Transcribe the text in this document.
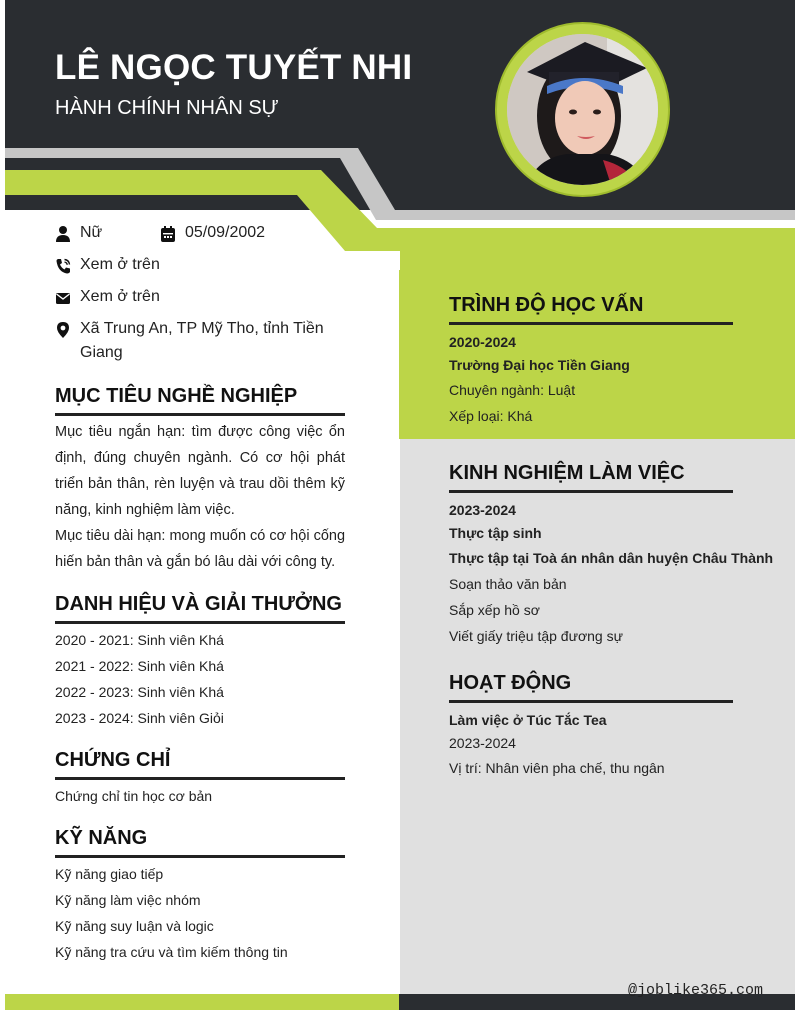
LÊ NGỌC TUYẾT NHI
HÀNH CHÍNH NHÂN SỰ
Nữ	05/09/2002
Xem ở trên
Xem ở trên
Xã Trung An, TP Mỹ Tho, tỉnh Tiền Giang
MỤC TIÊU NGHỀ NGHIỆP
Mục tiêu ngắn hạn: tìm được công việc ổn định, đúng chuyên ngành. Có cơ hội phát triển bản thân, rèn luyện và trau dồi thêm kỹ năng, kinh nghiệm làm việc.
Mục tiêu dài hạn: mong muốn có cơ hội cống hiến bản thân và gắn bó lâu dài với công ty.
DANH HIỆU VÀ GIẢI THƯỞNG
2020 - 2021: Sinh viên Khá
2021 - 2022: Sinh viên Khá
2022 - 2023: Sinh viên Khá
2023 - 2024: Sinh viên Giỏi
CHỨNG CHỈ
Chứng chỉ tin học cơ bản
KỸ NĂNG
Kỹ năng giao tiếp
Kỹ năng làm việc nhóm
Kỹ năng suy luận và logic
Kỹ năng tra cứu và tìm kiếm thông tin
TRÌNH ĐỘ HỌC VẤN
2020-2024
Trường Đại học Tiền Giang
Chuyên ngành: Luật
Xếp loại: Khá
KINH NGHIỆM LÀM VIỆC
2023-2024
Thực tập sinh
Thực tập tại Toà án nhân dân huyện Châu Thành
Soạn thảo văn bản
Sắp xếp hồ sơ
Viết giấy triệu tập đương sự
HOẠT ĐỘNG
Làm việc ở Túc Tắc Tea
2023-2024
Vị trí: Nhân viên pha chế, thu ngân
@joblike365.com
